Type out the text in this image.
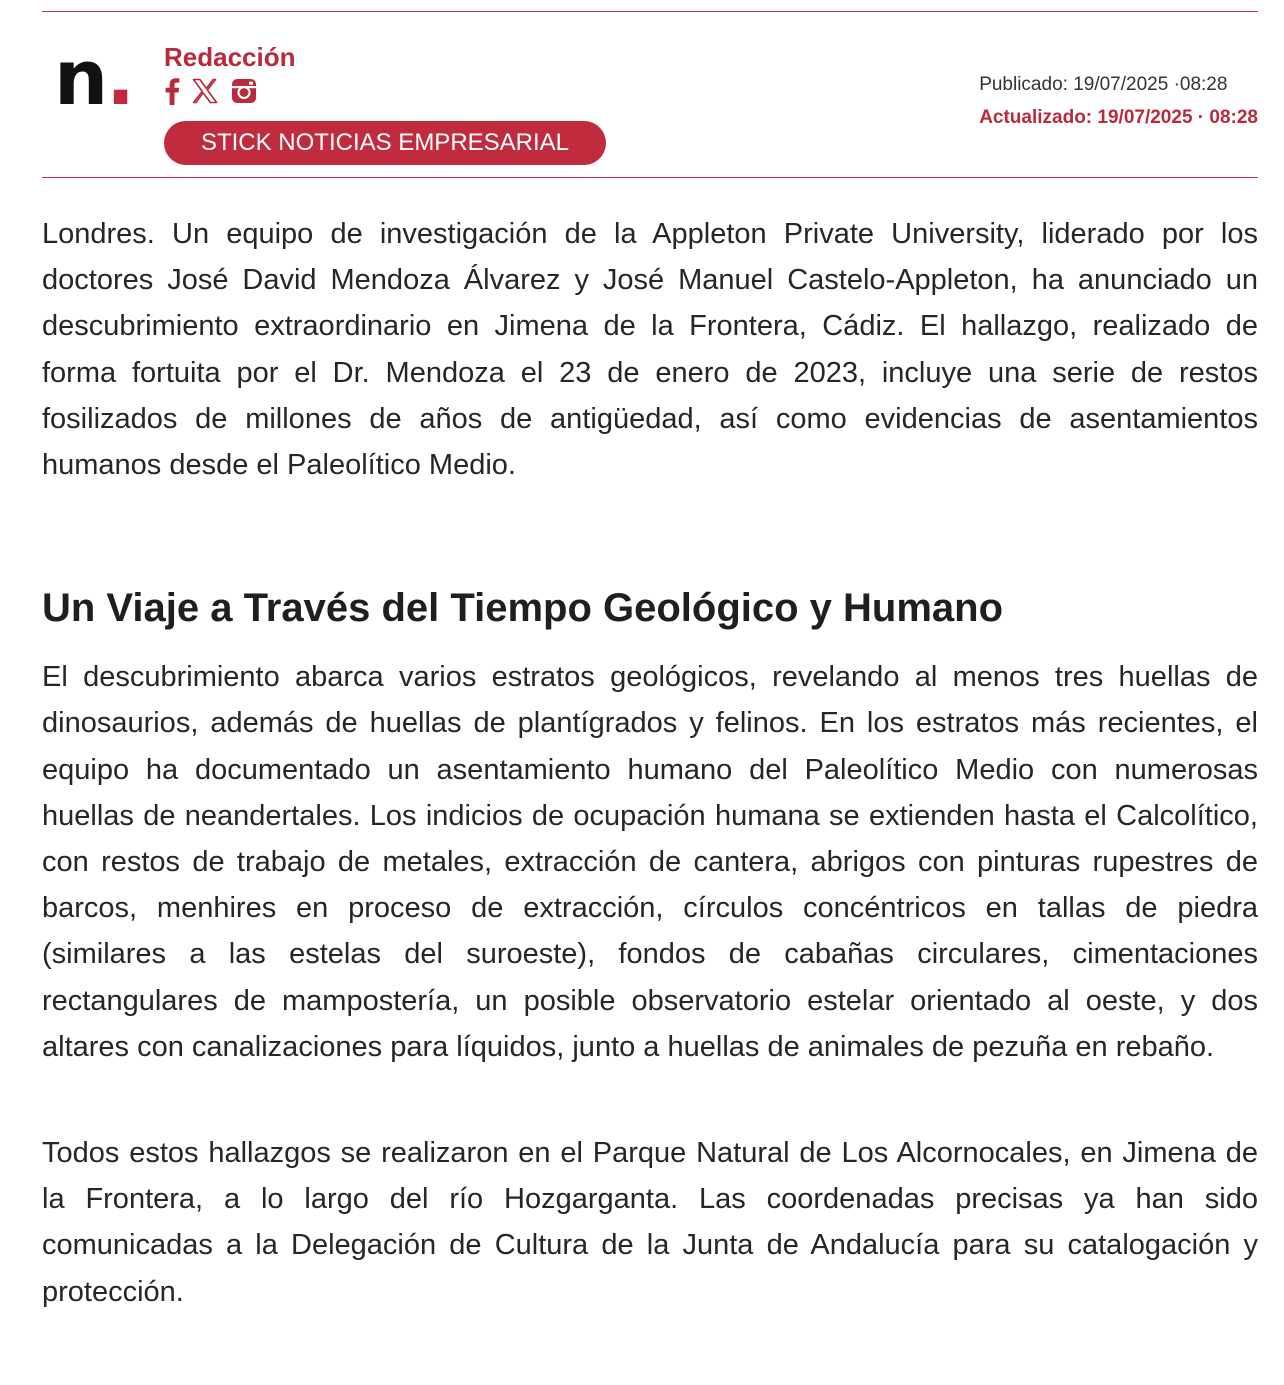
n. Redacción
STICK NOTICIAS EMPRESARIAL
Publicado: 19/07/2025 ·08:28
Actualizado: 19/07/2025 · 08:28

Londres. Un equipo de investigación de la Appleton Private University, liderado por los doctores José David Mendoza Álvarez y José Manuel Castelo-Appleton, ha anunciado un descubrimiento extraordinario en Jimena de la Frontera, Cádiz. El hallazgo, realizado de forma fortuita por el Dr. Mendoza el 23 de enero de 2023, incluye una serie de restos fosilizados de millones de años de antigüedad, así como evidencias de asentamientos humanos desde el Paleolítico Medio.

Un Viaje a Través del Tiempo Geológico y Humano

El descubrimiento abarca varios estratos geológicos, revelando al menos tres huellas de dinosaurios, además de huellas de plantígrados y felinos. En los estratos más recientes, el equipo ha documentado un asentamiento humano del Paleolítico Medio con numerosas huellas de neandertales. Los indicios de ocupación humana se extienden hasta el Calcolítico, con restos de trabajo de metales, extracción de cantera, abrigos con pinturas rupestres de barcos, menhires en proceso de extracción, círculos concéntricos en tallas de piedra (similares a las estelas del suroeste), fondos de cabañas circulares, cimentaciones rectangulares de mampostería, un posible observatorio estelar orientado al oeste, y dos altares con canalizaciones para líquidos, junto a huellas de animales de pezuña en rebaño.

Todos estos hallazgos se realizaron en el Parque Natural de Los Alcornocales, en Jimena de la Frontera, a lo largo del río Hozgarganta. Las coordenadas precisas ya han sido comunicadas a la Delegación de Cultura de la Junta de Andalucía para su catalogación y protección.
